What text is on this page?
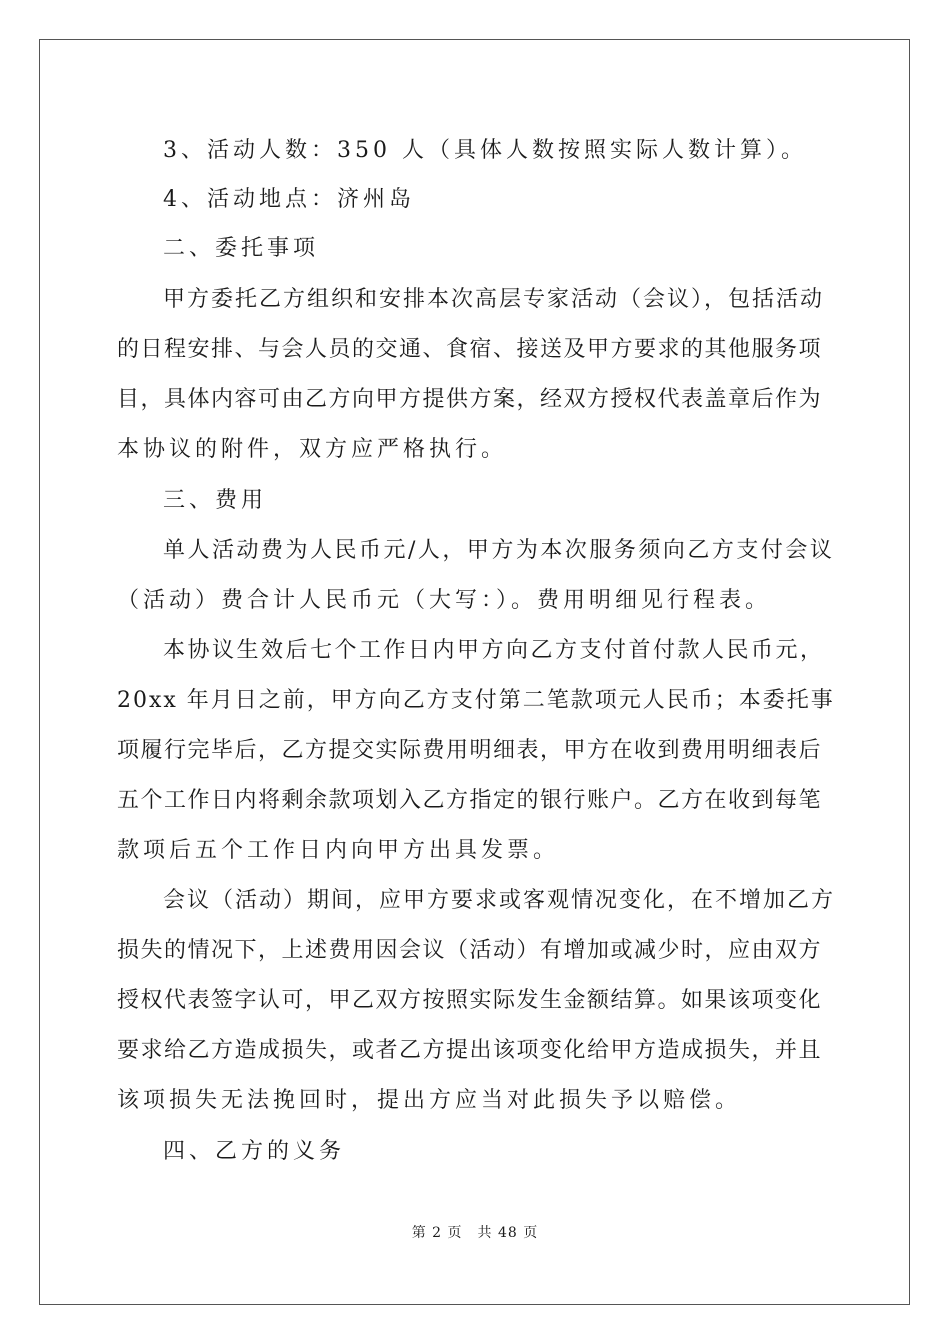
3、活动人数：350 人（具体人数按照实际人数计算）。
4、活动地点：济州岛
二、委托事项
甲方委托乙方组织和安排本次高层专家活动（会议），包括活动
的日程安排、与会人员的交通、食宿、接送及甲方要求的其他服务项
目，具体内容可由乙方向甲方提供方案，经双方授权代表盖章后作为
本协议的附件，双方应严格执行。
三、费用
单人活动费为人民币元/人，甲方为本次服务须向乙方支付会议
（活动）费合计人民币元（大写：）。费用明细见行程表。
本协议生效后七个工作日内甲方向乙方支付首付款人民币元，
20xx 年月日之前，甲方向乙方支付第二笔款项元人民币；本委托事
项履行完毕后，乙方提交实际费用明细表，甲方在收到费用明细表后
五个工作日内将剩余款项划入乙方指定的银行账户。乙方在收到每笔
款项后五个工作日内向甲方出具发票。
会议（活动）期间，应甲方要求或客观情况变化，在不增加乙方
损失的情况下，上述费用因会议（活动）有增加或减少时，应由双方
授权代表签字认可，甲乙双方按照实际发生金额结算。如果该项变化
要求给乙方造成损失，或者乙方提出该项变化给甲方造成损失，并且
该项损失无法挽回时，提出方应当对此损失予以赔偿。
四、乙方的义务
第 2 页　共 48 页
